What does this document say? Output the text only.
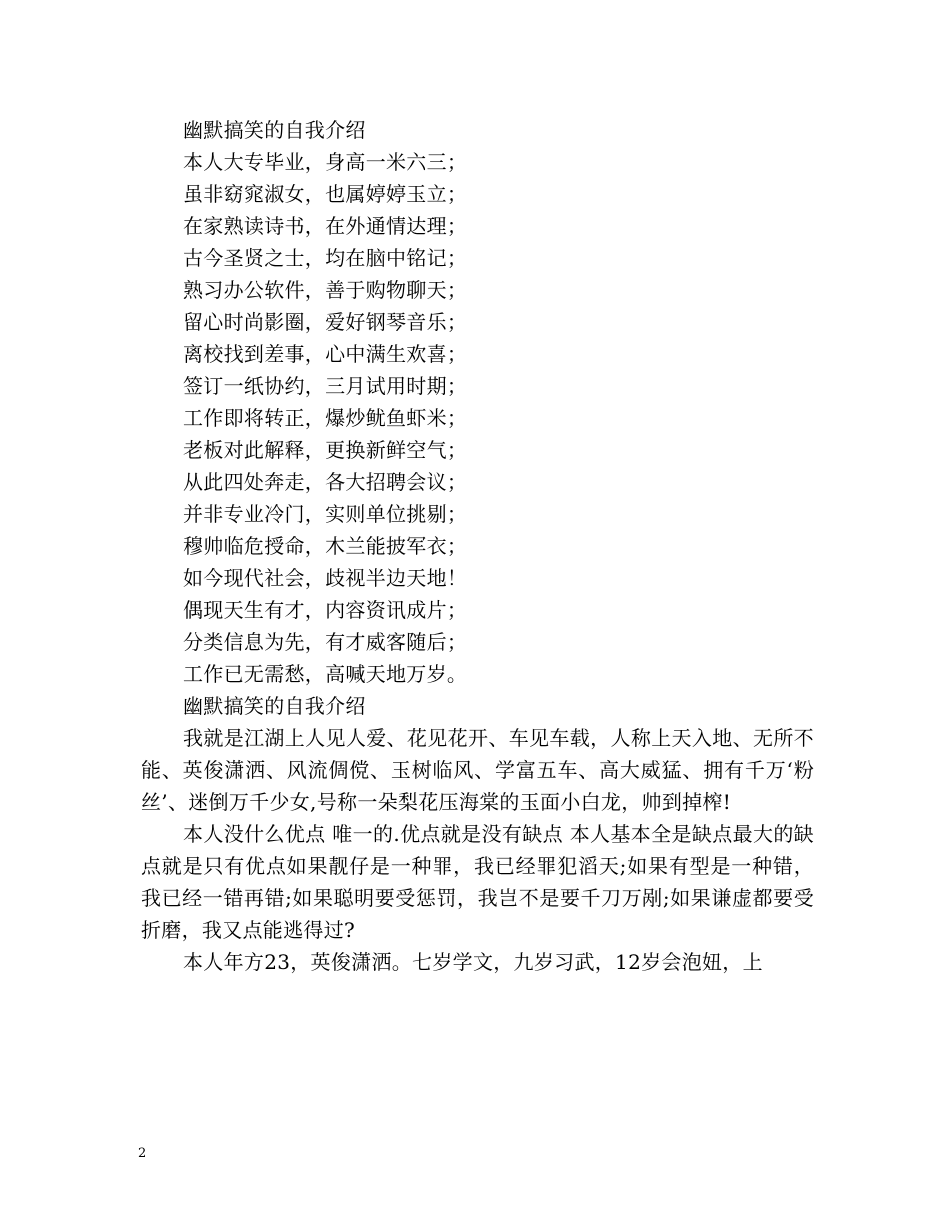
幽默搞笑的自我介绍

本人大专毕业，身高一米六三；

虽非窈窕淑女，也属婷婷玉立；

在家熟读诗书，在外通情达理；

古今圣贤之士，均在脑中铭记；

熟习办公软件，善于购物聊天；

留心时尚影圈，爱好钢琴音乐；

离校找到差事，心中满生欢喜；

签订一纸协约，三月试用时期；

工作即将转正，爆炒鱿鱼虾米；

老板对此解释，更换新鲜空气；

从此四处奔走，各大招聘会议；

并非专业冷门，实则单位挑剔；

穆帅临危授命，木兰能披军衣；

如今现代社会，歧视半边天地！

偶现天生有才，内容资讯成片；

分类信息为先，有才威客随后；

工作已无需愁，高喊天地万岁。

幽默搞笑的自我介绍

我就是江湖上人见人爱、花见花开、车见车载，人称上天入地、无所不能、英俊潇洒、风流倜傥、玉树临风、学富五车、高大威猛、拥有千万‘粉丝’、迷倒万千少女,号称一朵梨花压海棠的玉面小白龙，帅到掉榨!

本人没什么优点 唯一的.优点就是没有缺点 本人基本全是缺点最大的缺点就是只有优点如果靓仔是一种罪，我已经罪犯滔天;如果有型是一种错，我已经一错再错;如果聪明要受惩罚，我岂不是要千刀万剐;如果谦虚都要受折磨，我又点能逃得过?

本人年方23，英俊潇洒。七岁学文，九岁习武，12岁会泡妞，上

2
